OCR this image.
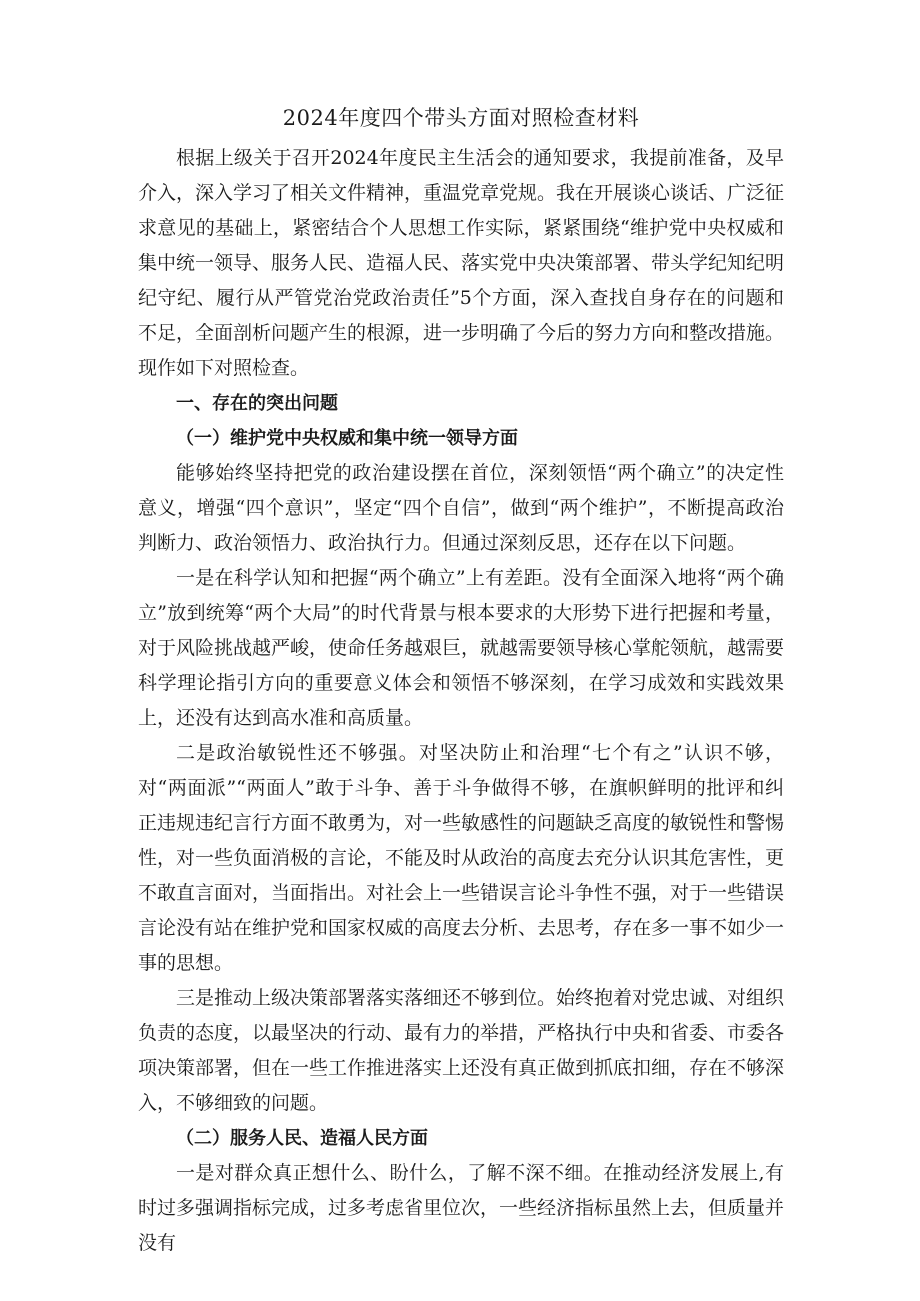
2024年度四个带头方面对照检查材料

根据上级关于召开2024年度民主生活会的通知要求，我提前准备，及早介入，深入学习了相关文件精神，重温党章党规。我在开展谈心谈话、广泛征求意见的基础上，紧密结合个人思想工作实际，紧紧围绕“维护党中央权威和集中统一领导、服务人民、造福人民、落实党中央决策部署、带头学纪知纪明纪守纪、履行从严管党治党政治责任”5个方面，深入查找自身存在的问题和不足，全面剖析问题产生的根源，进一步明确了今后的努力方向和整改措施。现作如下对照检查。

一、存在的突出问题

（一）维护党中央权威和集中统一领导方面

能够始终坚持把党的政治建设摆在首位，深刻领悟“两个确立”的决定性意义，增强“四个意识”，坚定“四个自信”，做到“两个维护”，不断提高政治判断力、政治领悟力、政治执行力。但通过深刻反思，还存在以下问题。

一是在科学认知和把握“两个确立”上有差距。没有全面深入地将“两个确立”放到统筹“两个大局”的时代背景与根本要求的大形势下进行把握和考量，对于风险挑战越严峻，使命任务越艰巨，就越需要领导核心掌舵领航，越需要科学理论指引方向的重要意义体会和领悟不够深刻，在学习成效和实践效果上，还没有达到高水准和高质量。

二是政治敏锐性还不够强。对坚决防止和治理“七个有之”认识不够，对“两面派”“两面人”敢于斗争、善于斗争做得不够，在旗帜鲜明的批评和纠正违规违纪言行方面不敢勇为，对一些敏感性的问题缺乏高度的敏锐性和警惕性，对一些负面消极的言论，不能及时从政治的高度去充分认识其危害性，更不敢直言面对，当面指出。对社会上一些错误言论斗争性不强，对于一些错误言论没有站在维护党和国家权威的高度去分析、去思考，存在多一事不如少一事的思想。

三是推动上级决策部署落实落细还不够到位。始终抱着对党忠诚、对组织负责的态度，以最坚决的行动、最有力的举措，严格执行中央和省委、市委各项决策部署，但在一些工作推进落实上还没有真正做到抓底扣细，存在不够深入，不够细致的问题。

（二）服务人民、造福人民方面

一是对群众真正想什么、盼什么，了解不深不细。在推动经济发展上,有时过多强调指标完成，过多考虑省里位次，一些经济指标虽然上去，但质量并没有
